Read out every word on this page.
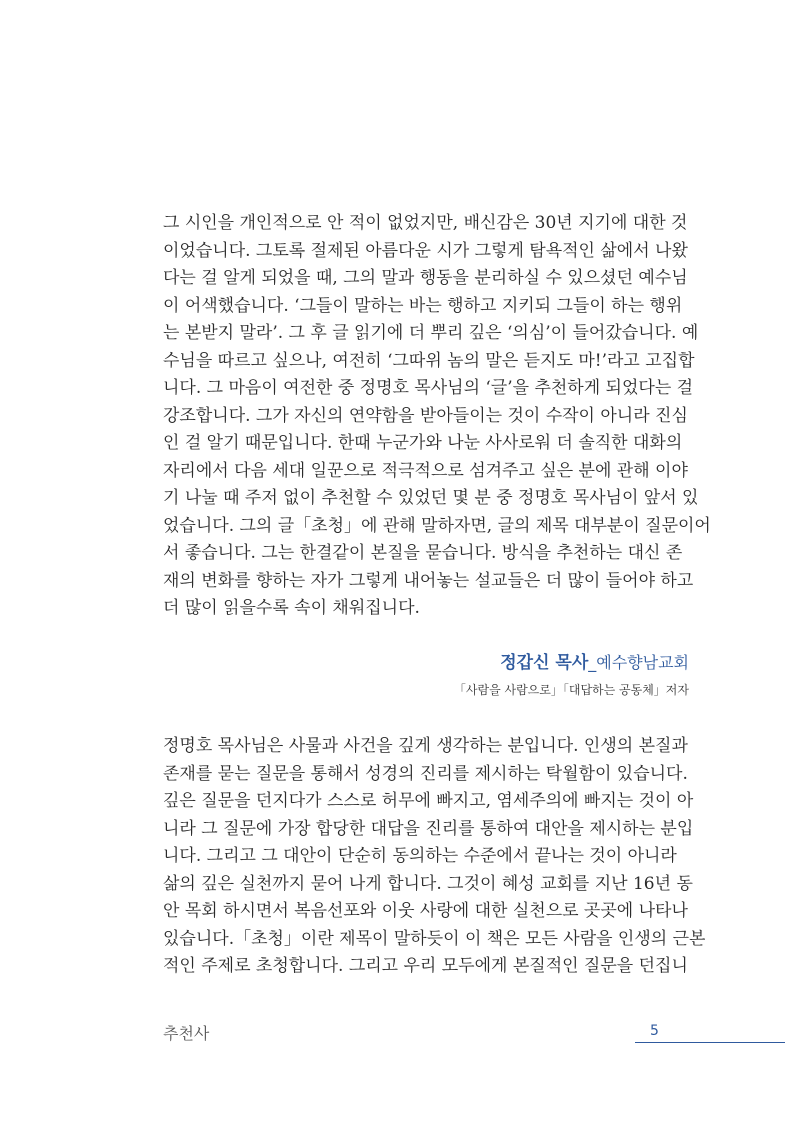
그 시인을 개인적으로 안 적이 없었지만, 배신감은 30년 지기에 대한 것
이었습니다. 그토록 절제된 아름다운 시가 그렇게 탐욕적인 삶에서 나왔
다는 걸 알게 되었을 때, 그의 말과 행동을 분리하실 수 있으셨던 예수님
이 어색했습니다. ‘그들이 말하는 바는 행하고 지키되 그들이 하는 행위
는 본받지 말라’. 그 후 글 읽기에 더 뿌리 깊은 ‘의심’이 들어갔습니다. 예
수님을 따르고 싶으나, 여전히 ‘그따위 놈의 말은 듣지도 마!’라고 고집합
니다. 그 마음이 여전한 중 정명호 목사님의 ‘글’을 추천하게 되었다는 걸
강조합니다. 그가 자신의 연약함을 받아들이는 것이 수작이 아니라 진심
인 걸 알기 때문입니다. 한때 누군가와 나눈 사사로워 더 솔직한 대화의
자리에서 다음 세대 일꾼으로 적극적으로 섬겨주고 싶은 분에 관해 이야
기 나눌 때 주저 없이 추천할 수 있었던 몇 분 중 정명호 목사님이 앞서 있
었습니다. 그의 글「초청」에 관해 말하자면, 글의 제목 대부분이 질문이어
서 좋습니다. 그는 한결같이 본질을 묻습니다. 방식을 추천하는 대신 존
재의 변화를 향하는 자가 그렇게 내어놓는 설교들은 더 많이 들어야 하고
더 많이 읽을수록 속이 채워집니다.
정갑신 목사_예수향남교회
「사람을 사람으로」「대답하는 공동체」저자
정명호 목사님은 사물과 사건을 깊게 생각하는 분입니다. 인생의 본질과
존재를 묻는 질문을 통해서 성경의 진리를 제시하는 탁월함이 있습니다.
깊은 질문을 던지다가 스스로 허무에 빠지고, 염세주의에 빠지는 것이 아
니라 그 질문에 가장 합당한 대답을 진리를 통하여 대안을 제시하는 분입
니다. 그리고 그 대안이 단순히 동의하는 수준에서 끝나는 것이 아니라
삶의 깊은 실천까지 묻어 나게 합니다. 그것이 혜성 교회를 지난 16년 동
안 목회 하시면서 복음선포와 이웃 사랑에 대한 실천으로 곳곳에 나타나
있습니다.「초청」이란 제목이 말하듯이 이 책은 모든 사람을 인생의 근본
적인 주제로 초청합니다. 그리고 우리 모두에게 본질적인 질문을 던집니
추천사	5
